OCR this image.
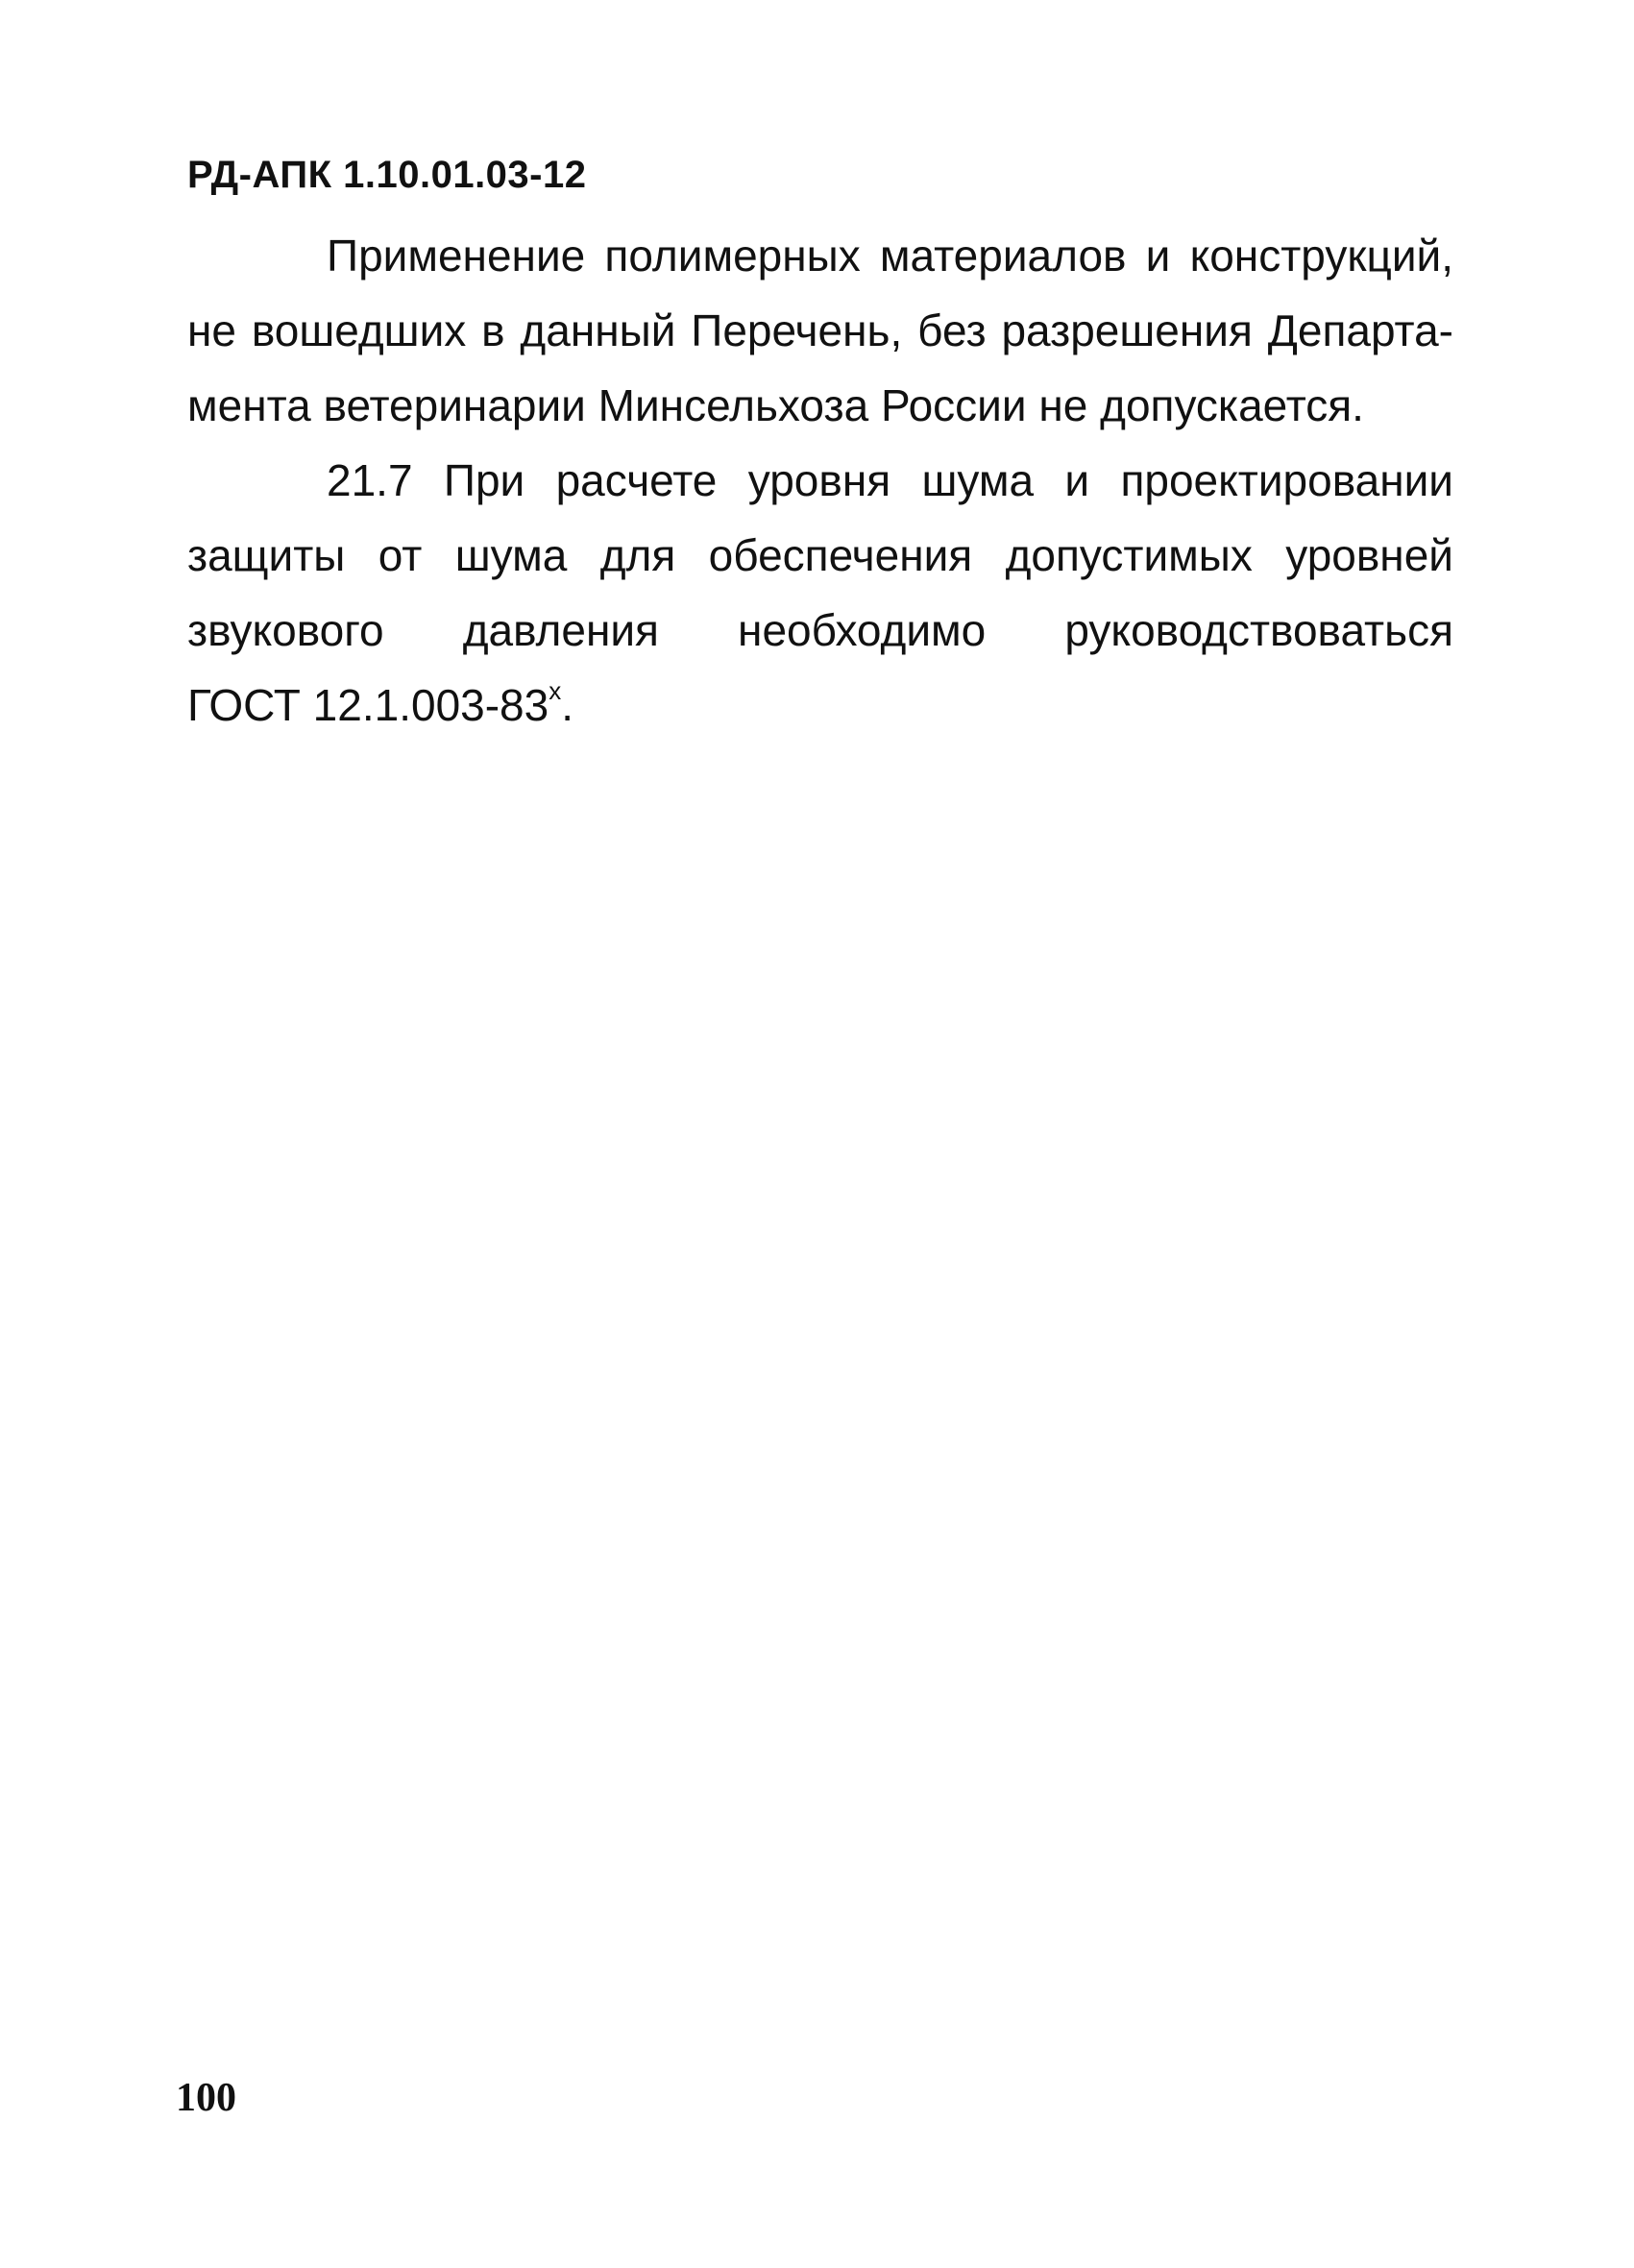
РД-АПК 1.10.01.03-12
Применение полимерных материалов и конструкций,
не вошедших в данный Перечень, без разрешения Департа-
мента ветеринарии Минсельхоза России не допускается.
21.7 При расчете уровня шума и проектировании
защиты от шума для обеспечения допустимых уровней
звукового давления необходимо руководствоваться
ГОСТ 12.1.003-83$^x$.
100
